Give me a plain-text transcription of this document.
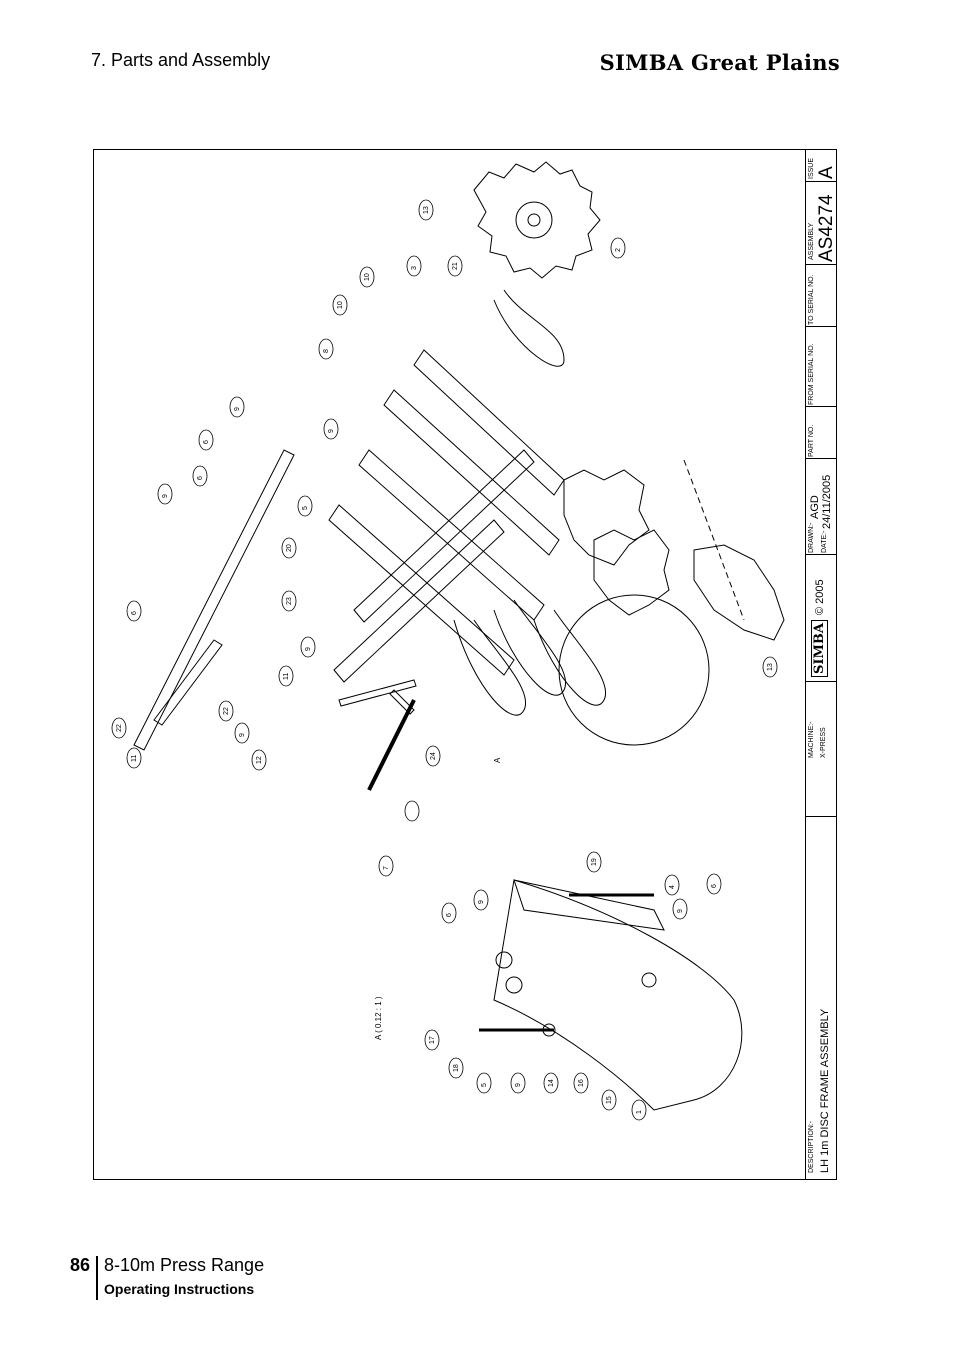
7. Parts and Assembly	SIMBA Great Plains
A
A ( 0.12 : 1 )
ISSUE A
ASSEMBLY AS4274
TO SERIAL NO.
FROM SERIAL NO.
PART NO.
DRAWN:-
AGD
DATE:-
24/11/2005
© 2005
SIMBA
MACHINE:- X-PRESS
DESCRIPTION:- LH 1m DISC FRAME ASSEMBLY
13
2
3	21
10
10
8
9
6
9
5
9
6
20
23
6
9
11
22
9
22
11	12
24
7
13
19
4	6
9
6
9
17
18
5	9	14	16
15
1
86 8-10m Press Range
Operating Instructions
